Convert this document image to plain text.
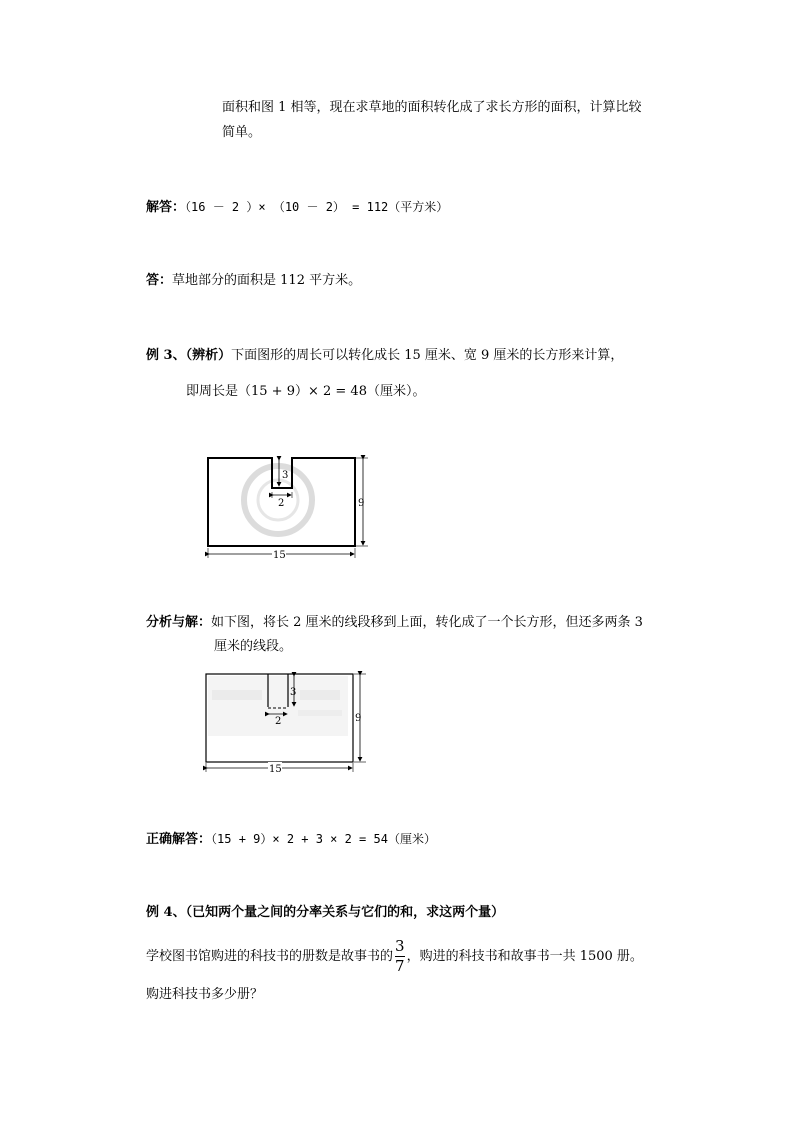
面积和图 1 相等，现在求草地的面积转化成了求长方形的面积，计算比较
简单。
解答：（16 － 2 ）× （10 － 2） = 112（平方米）
答：草地部分的面积是 112 平方米。
例 3、（辨析）下面图形的周长可以转化成长 15 厘米、宽 9 厘米的长方形来计算，
即周长是（15 + 9）× 2 = 48（厘米）。
3
2	9
15
分析与解：如下图，将长 2 厘米的线段移到上面，转化成了一个长方形，但还多两条 3
厘米的线段。
3
2	9
15
正确解答：（15 + 9）× 2 + 3 × 2 = 54（厘米）
例 4、（已知两个量之间的分率关系与它们的和，求这两个量）
学校图书馆购进的科技书的册数是故事书的 $\frac{3}{7}$ ，购进的科技书和故事书一共 1500 册。
购进科技书多少册？
